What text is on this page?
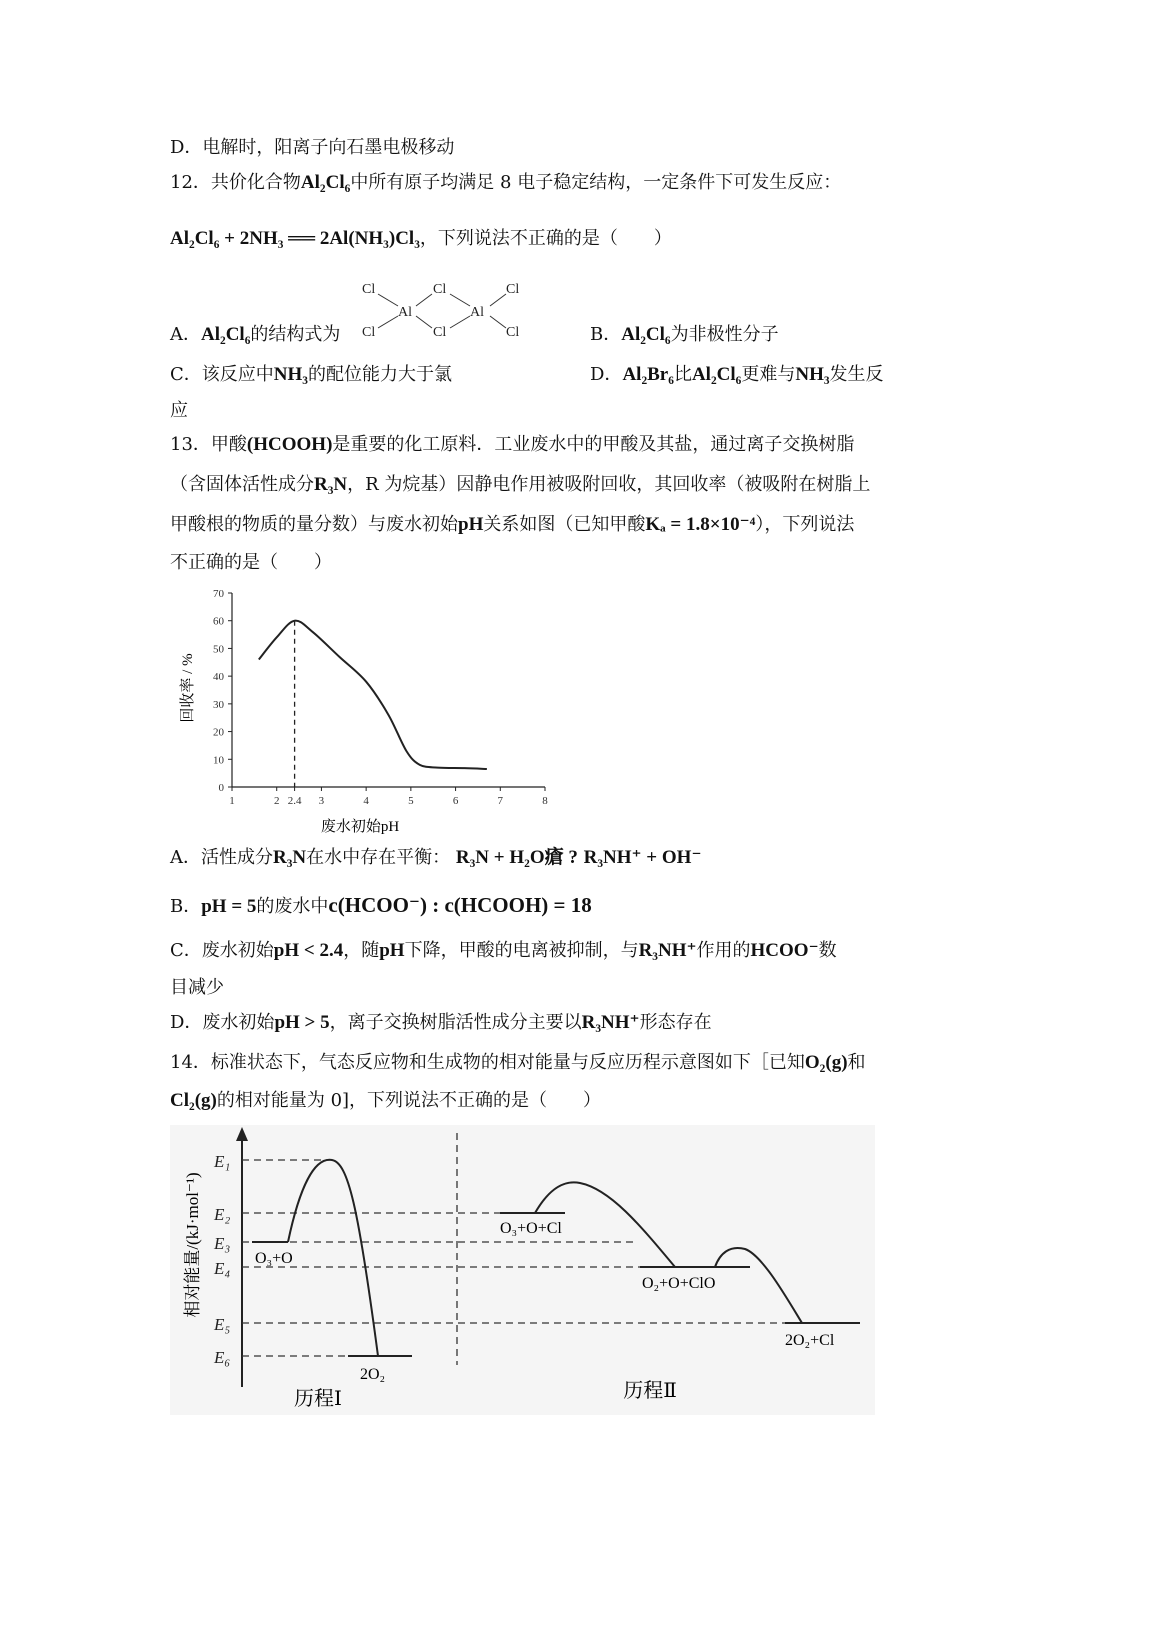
D．电解时，阳离子向石墨电极移动
12．共价化合物Al₂Cl₆中所有原子均满足 8 电子稳定结构，一定条件下可发生反应：
Al₂Cl₆ + 2NH₃ ══ 2Al(NH₃)Cl₃，下列说法不正确的是（　　）
Cl	Cl	Cl
Al	Al
Cl	Cl	Cl
A．Al₂Cl₆的结构式为	B．Al₂Cl₆为非极性分子
C．该反应中NH₃的配位能力大于氯	D．Al₂Br₆比Al₂Cl₆更难与NH₃发生反
应
13．甲酸(HCOOH)是重要的化工原料．工业废水中的甲酸及其盐，通过离子交换树脂
（含固体活性成分R₃N，R 为烷基）因静电作用被吸附回收，其回收率（被吸附在树脂上
甲酸根的物质的量分数）与废水初始pH关系如图（已知甲酸Kₐ = 1.8×10⁻⁴），下列说法
不正确的是（　　）
0
10
20
30
40
50
60
70
1	2 2.4 3	4	5	6	7	8
废水初始pH
回收率 / %
A．活性成分R₃N在水中存在平衡： R₃N + H₂O瘡 ? R₃NH⁺ + OH⁻
B．pH = 5的废水中c(HCOO⁻) : c(HCOOH) = 18
C．废水初始pH < 2.4，随pH下降，甲酸的电离被抑制，与R₃NH⁺作用的HCOO⁻数
目减少
D．废水初始pH > 5，离子交换树脂活性成分主要以R₃NH⁺形态存在
14．标准状态下，气态反应物和生成物的相对能量与反应历程示意图如下［已知O₂(g)和
Cl₂(g)的相对能量为 0]，下列说法不正确的是（　　）
相对能量/(kJ·mol⁻¹)
E₁
E₂
E₃
E₄
E₅
E₆
O₃+O
2O₂
O₃+O+Cl
O₂+O+ClO
2O₂+Cl
历程Ⅰ	历程Ⅱ
